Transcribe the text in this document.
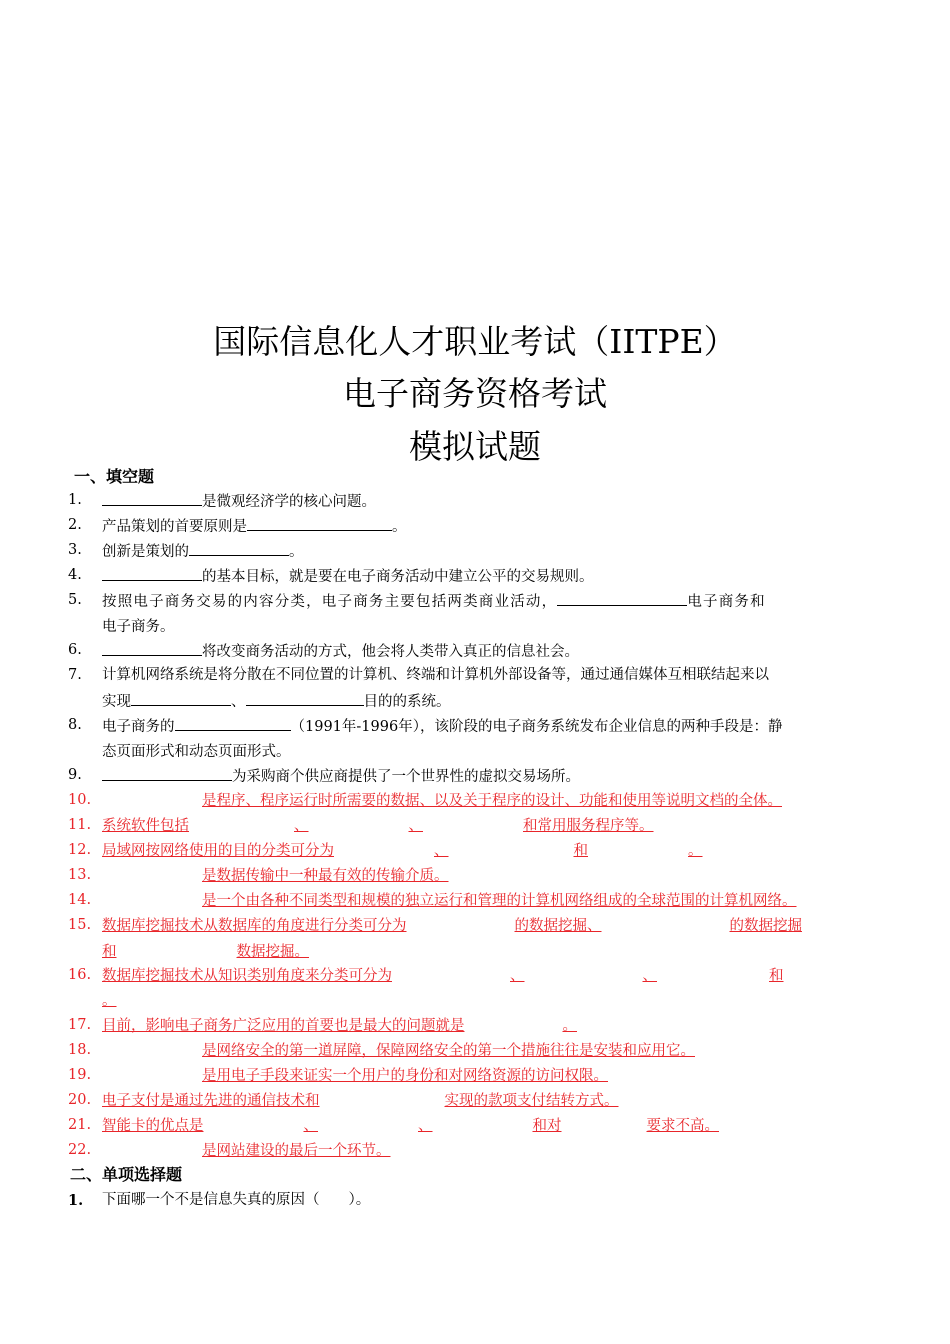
国际信息化人才职业考试（IITPE）
电子商务资格考试
模拟试题
一、填空题
1.	是微观经济学的核心问题。
2.	产品策划的首要原则是	。
3.	创新是策划的	。
4.	的基本目标，就是要在电子商务活动中建立公平的交易规则。
5.	按照电子商务交易的内容分类，电子商务主要包括两类商业活动，	电子商务和
电子商务。
6.	将改变商务活动的方式，他会将人类带入真正的信息社会。
7.	计算机网络系统是将分散在不同位置的计算机、终端和计算机外部设备等，通过通信媒体互相联结起来以
实现	、	目的的系统。
8.	电子商务的	（1991年-1996年），该阶段的电子商务系统发布企业信息的两种手段是：静
态页面形式和动态页面形式。
9.	为采购商个供应商提供了一个世界性的虚拟交易场所。
10.	是程序、程序运行时所需要的数据、以及关于程序的设计、功能和使用等说明文档的全体。
11. 系统软件包括	、	、	和常用服务程序等。
12. 局域网按网络使用的目的分类可分为	、	和	。
13.	是数据传输中一种最有效的传输介质。
14.	是一个由各种不同类型和规模的独立运行和管理的计算机网络组成的全球范围的计算机网络。
15. 数据库挖掘技术从数据库的角度进行分类可分为	的数据挖掘、	的数据挖掘
和	数据挖掘。
16. 数据库挖掘技术从知识类别角度来分类可分为	、	、	和
。
17. 目前，影响电子商务广泛应用的首要也是最大的问题就是	。
18.	是网络安全的第一道屏障，保障网络安全的第一个措施往往是安装和应用它。
19.	是用电子手段来证实一个用户的身份和对网络资源的访问权限。
20. 电子支付是通过先进的通信技术和	实现的款项支付结转方式。
21. 智能卡的优点是	、	、	和对	要求不高。
22.	是网站建设的最后一个环节。
二、单项选择题
1.	下面哪一个不是信息失真的原因（　　）。
